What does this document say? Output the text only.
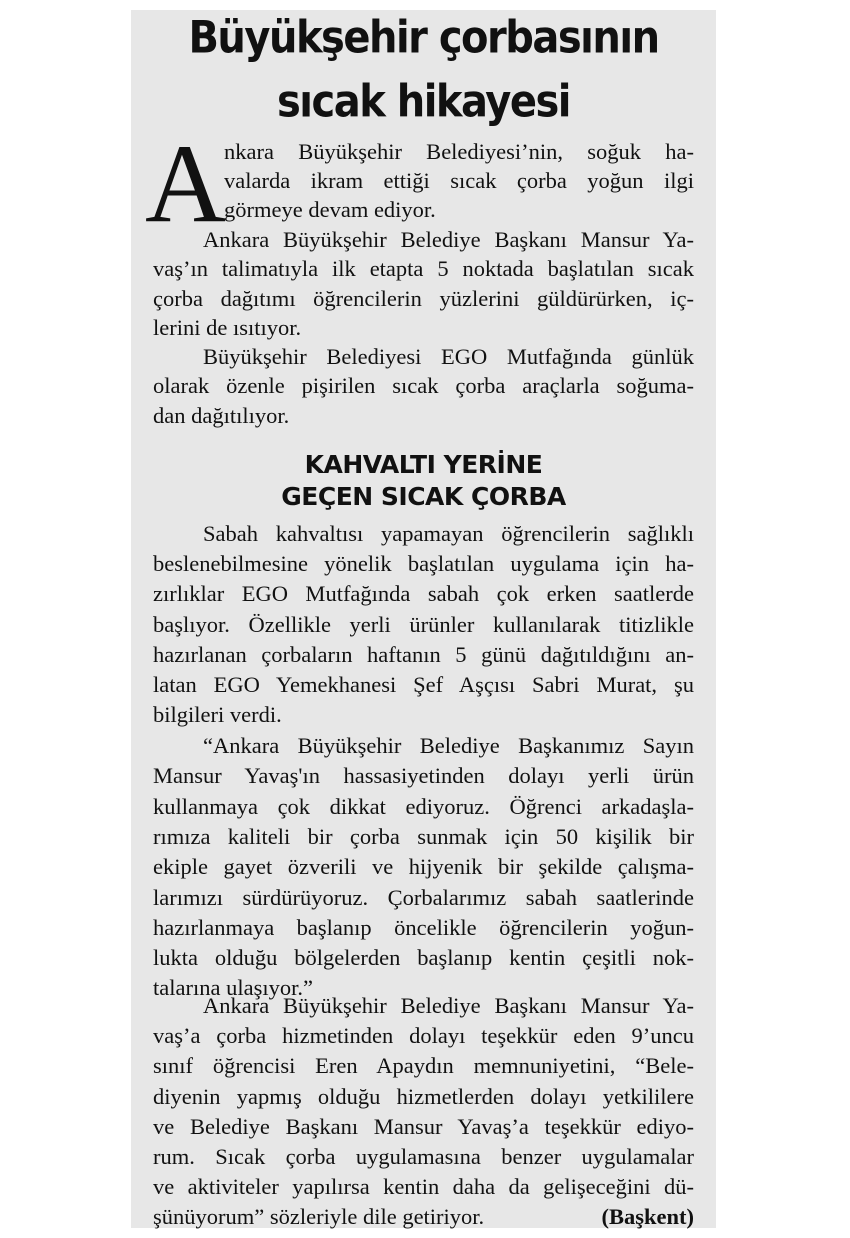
Büyükşehir çorbasının
sıcak hikayesi
A
nkara Büyükşehir Belediyesi’nin, soğuk ha-
valarda ikram ettiği sıcak çorba yoğun ilgi
görmeye devam ediyor.
Ankara Büyükşehir Belediye Başkanı Mansur Ya-
vaş’ın talimatıyla ilk etapta 5 noktada başlatılan sıcak
çorba dağıtımı öğrencilerin yüzlerini güldürürken, iç-
lerini de ısıtıyor.
Büyükşehir Belediyesi EGO Mutfağında günlük
olarak özenle pişirilen sıcak çorba araçlarla soğuma-
dan dağıtılıyor.
Sabah kahvaltısı yapamayan öğrencilerin sağlıklı
beslenebilmesine yönelik başlatılan uygulama için ha-
zırlıklar EGO Mutfağında sabah çok erken saatlerde
başlıyor. Özellikle yerli ürünler kullanılarak titizlikle
hazırlanan çorbaların haftanın 5 günü dağıtıldığını an-
latan EGO Yemekhanesi Şef Aşçısı Sabri Murat, şu
bilgileri verdi.
“Ankara Büyükşehir Belediye Başkanımız Sayın
Mansur Yavaş'ın hassasiyetinden dolayı yerli ürün
kullanmaya çok dikkat ediyoruz. Öğrenci arkadaşla-
rımıza kaliteli bir çorba sunmak için 50 kişilik bir
ekiple gayet özverili ve hijyenik bir şekilde çalışma-
larımızı sürdürüyoruz. Çorbalarımız sabah saatlerinde
hazırlanmaya başlanıp öncelikle öğrencilerin yoğun-
lukta olduğu bölgelerden başlanıp kentin çeşitli nok-
talarına ulaşıyor.”
Ankara Büyükşehir Belediye Başkanı Mansur Ya-
vaş’a çorba hizmetinden dolayı teşekkür eden 9’uncu
sınıf öğrencisi Eren Apaydın memnuniyetini, “Bele-
diyenin yapmış olduğu hizmetlerden dolayı yetkililere
ve Belediye Başkanı Mansur Yavaş’a teşekkür ediyo-
rum. Sıcak çorba uygulamasına benzer uygulamalar
ve aktiviteler yapılırsa kentin daha da gelişeceğini dü-
şünüyorum” sözleriyle dile getiriyor.	(Başkent)
KAHVALTI YERİNE
GEÇEN SICAK ÇORBA
